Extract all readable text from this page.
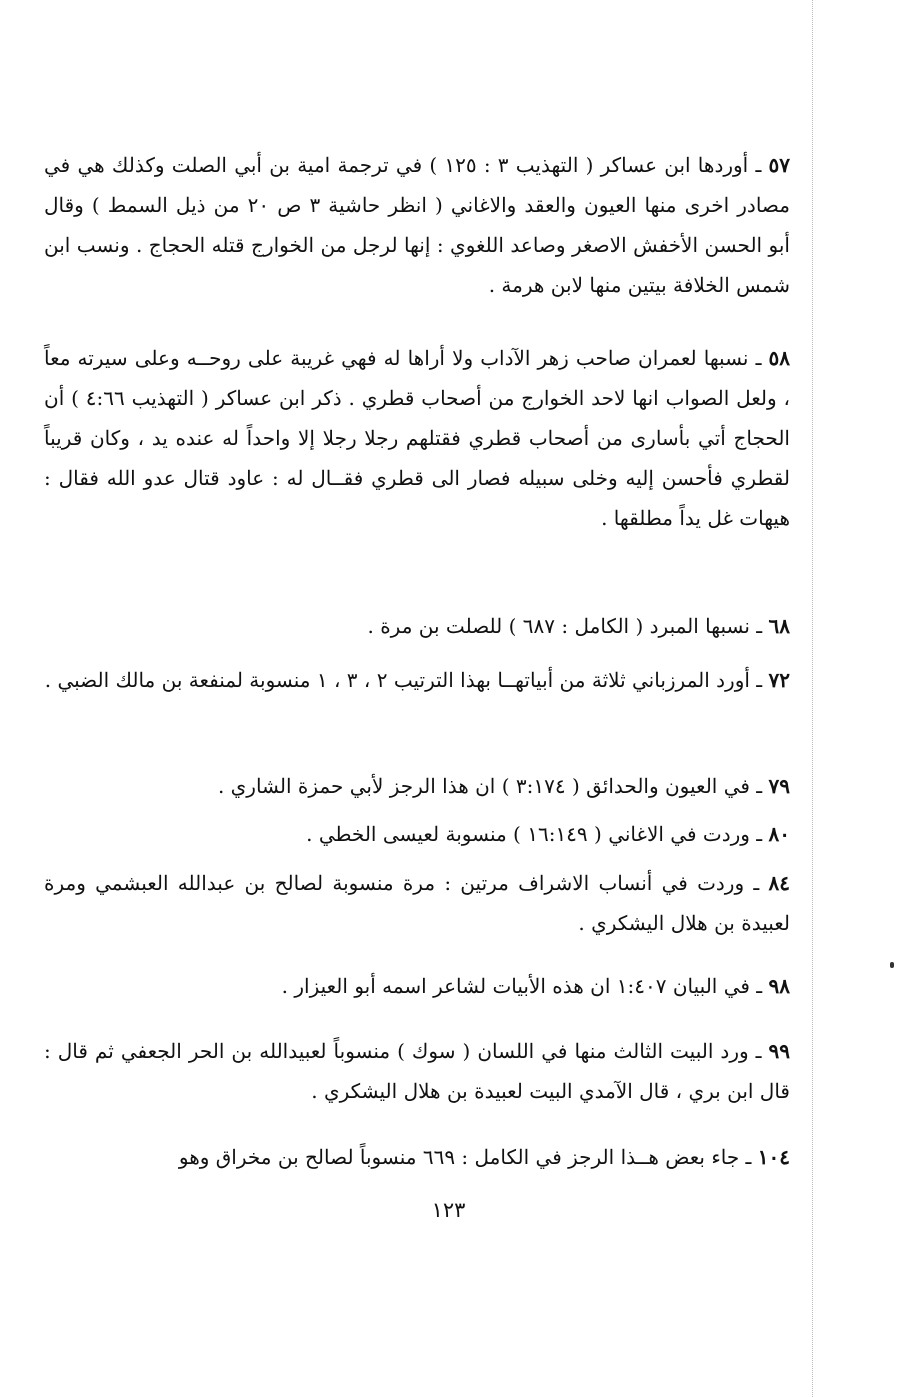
٥٧ ـ أوردها ابن عساكر ( التهذيب ٣ : ١٢٥ ) في ترجمة امية بن أبي الصلت وكذلك هي في مصادر اخرى منها العيون والعقد والاغاني ( انظر حاشية ٣ ص ٢٠ من ذيل السمط ) وقال أبو الحسن الأخفش الاصغر وصاعد اللغوي : إنها لرجل من الخوارج قتله الحجاج . ونسب ابن شمس الخلافة بيتين منها لابن هرمة .
٥٨ ـ نسبها لعمران صاحب زهر الآداب ولا أراها له فهي غريبة على روحــه وعلى سيرته معاً ، ولعل الصواب انها لاحد الخوارج من أصحاب قطري . ذكر ابن عساكر ( التهذيب ٤:٦٦ ) أن الحجاج أتي بأسارى من أصحاب قطري فقتلهم رجلا رجلا إلا واحداً له عنده يد ، وكان قريباً لقطري فأحسن إليه وخلى سبيله فصار الى قطري فقــال له : عاود قتال عدو الله فقال : هيهات غل يداً مطلقها .
٦٨ ـ نسبها المبرد ( الكامل : ٦٨٧ ) للصلت بن مرة .
٧٢ ـ أورد المرزباني ثلاثة من أبياتهــا بهذا الترتيب ٢ ، ٣ ، ١ منسوبة لمنفعة بن مالك الضبي .
٧٩ ـ في العيون والحدائق ( ٣:١٧٤ ) ان هذا الرجز لأبي حمزة الشاري .
٨٠ ـ وردت في الاغاني ( ١٦:١٤٩ ) منسوبة لعيسى الخطي .
٨٤ ـ وردت في أنساب الاشراف مرتين : مرة منسوبة لصالح بن عبدالله العبشمي ومرة لعبيدة بن هلال اليشكري .
٩٨ ـ في البيان ١:٤٠٧ ان هذه الأبيات لشاعر اسمه أبو العيزار .
٩٩ ـ ورد البيت الثالث منها في اللسان ( سوك ) منسوباً لعبيدالله بن الحر الجعفي ثم قال : قال ابن بري ، قال الآمدي البيت لعبيدة بن هلال اليشكري .
١٠٤ ـ جاء بعض هــذا الرجز في الكامل : ٦٦٩ منسوباً لصالح بن مخراق وهو
١٢٣
